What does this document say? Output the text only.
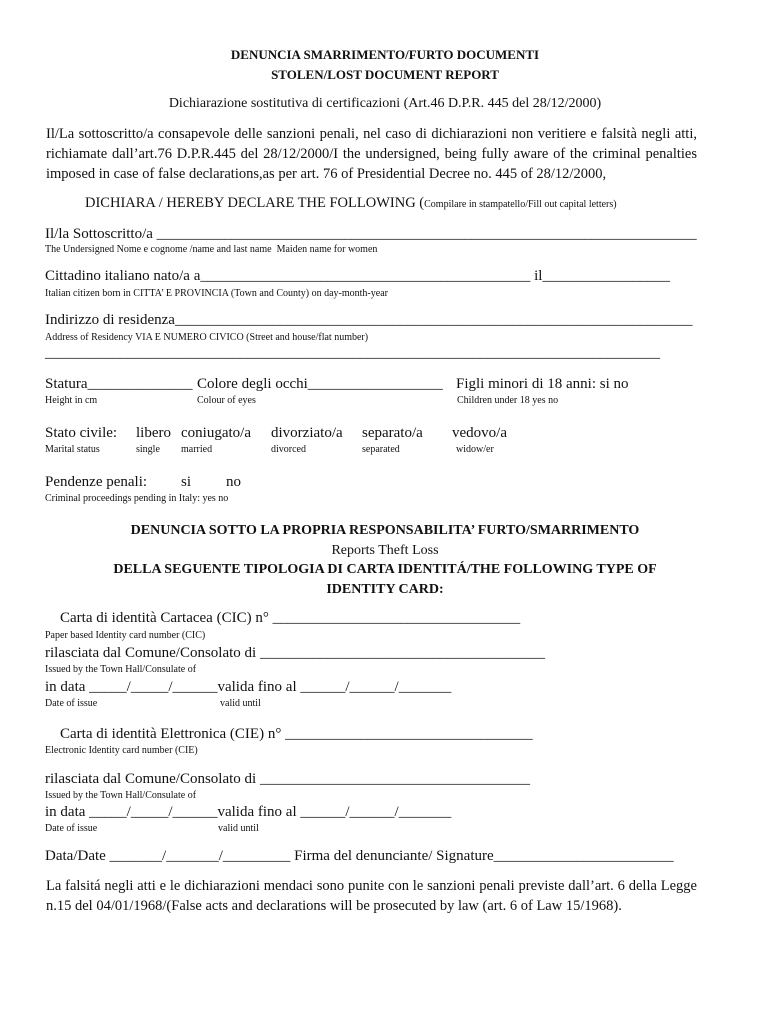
DENUNCIA SMARRIMENTO/FURTO DOCUMENTI
STOLEN/LOST DOCUMENT REPORT
Dichiarazione sostitutiva di certificazioni (Art.46 D.P.R. 445 del 28/12/2000)
Il/La sottoscritto/a consapevole delle sanzioni penali, nel caso di dichiarazioni non veritiere e falsità negli atti, richiamate dall’art.76 D.P.R.445 del 28/12/2000/I the undersigned, being fully aware of the criminal penalties imposed in case of false declarations,as per art. 76 of Presidential Decree no. 445 of 28/12/2000,
DICHIARA / HEREBY DECLARE THE FOLLOWING (Compilare in stampatello/Fill out capital letters)
Il/la Sottoscritto/a ________________________________________________________________________
The Undersigned Nome e cognome /name and last name  Maiden name for women
Cittadino italiano nato/a a____________________________________________ il_________________
Italian citizen born in CITTA’ E PROVINCIA (Town and County) on day-month-year
Indirizzo di residenza_____________________________________________________________________
Address of Residency VIA E NUMERO CIVICO (Street and house/flat number)
__________________________________________________________________________________
Statura______________ Colore degli occhi__________________ Figli minori di 18 anni: si no
Height in cm	Colour of eyes	Children under 18 yes no
Stato civile: libero coniugato/a divorziato/a separato/a vedovo/a
Marital status	single married	divorced	separated	widow/er
Pendenze penali: si no
Criminal proceedings pending in Italy: yes no
DENUNCIA SOTTO LA PROPRIA RESPONSABILITA’ FURTO/SMARRIMENTO
Reports Theft Loss
DELLA SEGUENTE TIPOLOGIA DI CARTA IDENTITÁ/THE FOLLOWING TYPE OF
IDENTITY CARD:
Carta di identità Cartacea (CIC) n° _________________________________
Paper based Identity card number (CIC)
rilasciata dal Comune/Consolato di ______________________________________
Issued by the Town Hall/Consulate of
in data _____/_____/______valida fino al ______/______/_______
Date of issue	valid until
Carta di identità Elettronica (CIE) n° _________________________________
Electronic Identity card number (CIE)
rilasciata dal Comune/Consolato di ____________________________________
Issued by the Town Hall/Consulate of
in data _____/_____/______valida fino al ______/______/_______
Date of issue	valid until
Data/Date _______/_______/_________ Firma del denunciante/ Signature________________________
La falsitá negli atti e le dichiarazioni mendaci sono punite con le sanzioni penali previste dall’art. 6 della Legge n.15 del 04/01/1968/(False acts and declarations will be prosecuted by law (art. 6 of Law 15/1968).
